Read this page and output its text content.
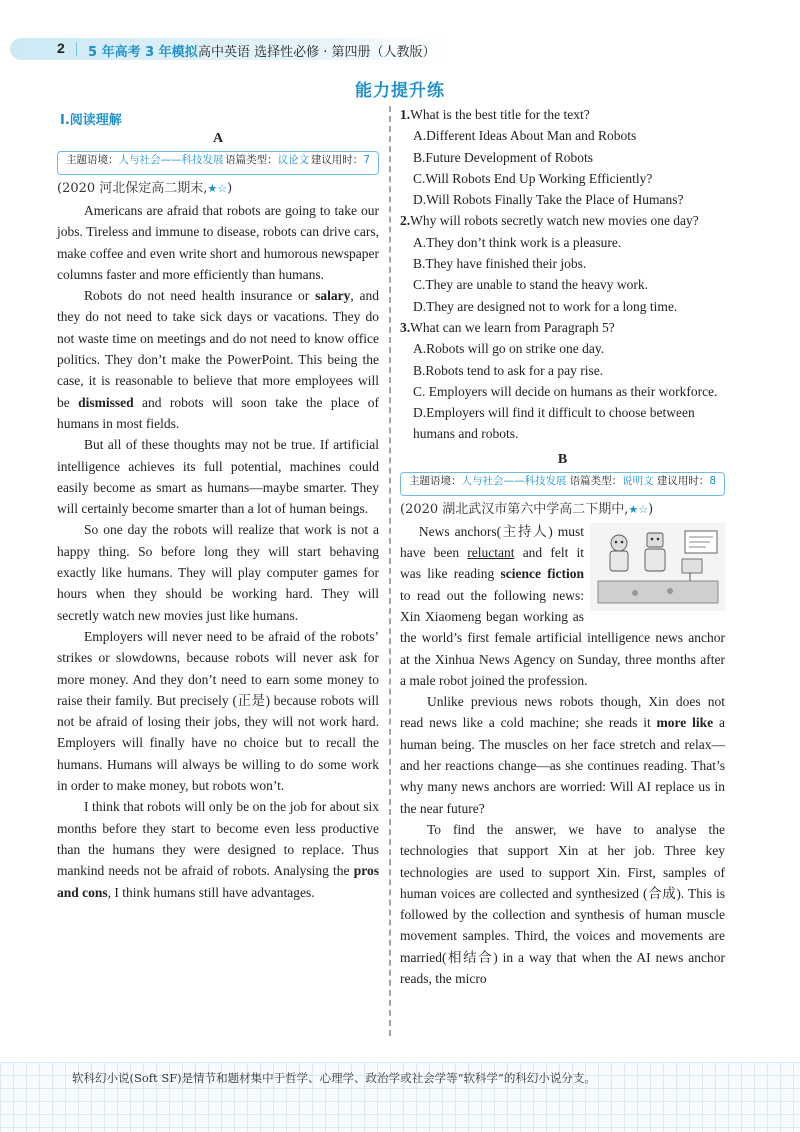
2 5 年高考 3 年模拟 高中英语 选择性必修 · 第四册（人教版）
能力提升练
Ⅰ.阅读理解
A
主题语境：人与社会——科技发展 语篇类型：议论文 建议用时：7
(2020 河北保定高二期末,★☆)

Americans are afraid that robots are going to take our jobs. Tireless and immune to disease, robots can drive cars, make coffee and even write short and humorous newspaper columns faster and more efficiently than humans.

Robots do not need health insurance or salary, and they do not need to take sick days or vacations. They do not waste time on meetings and do not need to know office politics. They don’t make the PowerPoint. This being the case, it is reasonable to believe that more employees will be dismissed and robots will soon take the place of humans in most fields.

But all of these thoughts may not be true. If artificial intelligence achieves its full potential, machines could easily become as smart as humans—maybe smarter. They will certainly become smarter than a lot of human beings.

So one day the robots will realize that work is not a happy thing. So before long they will start behaving exactly like humans. They will play computer games for hours when they should be working hard. They will secretly watch new movies just like humans.

Employers will never need to be afraid of the robots’ strikes or slowdowns, because robots will never ask for more money. And they don’t need to earn some money to raise their family. But precisely (正是) because robots will not be afraid of losing their jobs, they will not work hard. Employers will finally have no choice but to recall the humans. Humans will always be willing to do some work in order to make money, but robots won’t.

I think that robots will only be on the job for about six months before they start to become even less productive than the humans they were designed to replace. Thus mankind needs not be afraid of robots. Analysing the pros and cons, I think humans still have advantages.

1.What is the best title for the text?
A.Different Ideas About Man and Robots
B.Future Development of Robots
C.Will Robots End Up Working Efficiently?
D.Will Robots Finally Take the Place of Humans?
2.Why will robots secretly watch new movies one day?
A.They don’t think work is a pleasure.
B.They have finished their jobs.
C.They are unable to stand the heavy work.
D.They are designed not to work for a long time.
3.What can we learn from Paragraph 5?
A.Robots will go on strike one day.
B.Robots tend to ask for a pay rise.
C. Employers will decide on humans as their workforce.
D.Employers will find it difficult to choose between humans and robots.
B
主题语境：人与社会——科技发展 语篇类型：说明文 建议用时：8
(2020 湖北武汉市第六中学高二下期中,★☆)

News anchors(主持人) must have been reluctant and felt it was like reading science fiction to read out the following news: Xin Xiaomeng began working as the world’s first female artificial intelligence news anchor at the Xinhua News Agency on Sunday, three months after a male robot joined the profession.

Unlike previous news robots though, Xin does not read news like a cold machine; she reads it more like a human being. The muscles on her face stretch and relax—and her reactions change—as she continues reading. That’s why many news anchors are worried: Will AI replace us in the near future?

To find the answer, we have to analyse the technologies that support Xin at her job. Three key technologies are used to support Xin. First, samples of human voices are collected and synthesized (合成). This is followed by the collection and synthesis of human muscle movement samples. Third, the voices and movements are married(相结合) in a way that when the AI news anchor reads, the micro

软科幻小说(Soft SF)是情节和题材集中于哲学、心理学、政治学或社会学等“软科学”的科幻小说分支。
